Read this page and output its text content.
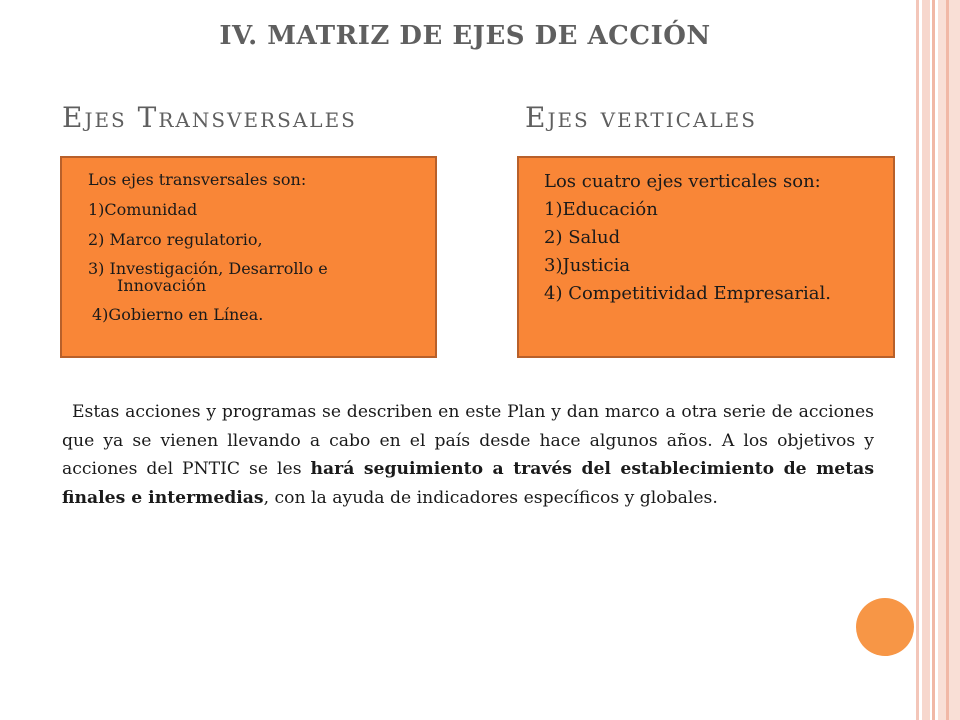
IV. MATRIZ DE EJES DE ACCIÓN
Ejes Transversales	Ejes verticales

Los ejes transversales son:

1)Comunidad

2) Marco regulatorio,

3) Investigación, Desarrollo e
Innovación

4)Gobierno en Línea.

Los cuatro ejes verticales son:

1)Educación

2) Salud

3)Justicia

4) Competitividad Empresarial.

Estas acciones y programas se describen en este Plan y dan marco a otra serie de acciones que ya se vienen llevando a cabo en el país desde hace algunos años. A los objetivos y acciones del PNTIC se les hará seguimiento a través del establecimiento de metas finales e intermedias, con la ayuda de indicadores específicos y globales.
